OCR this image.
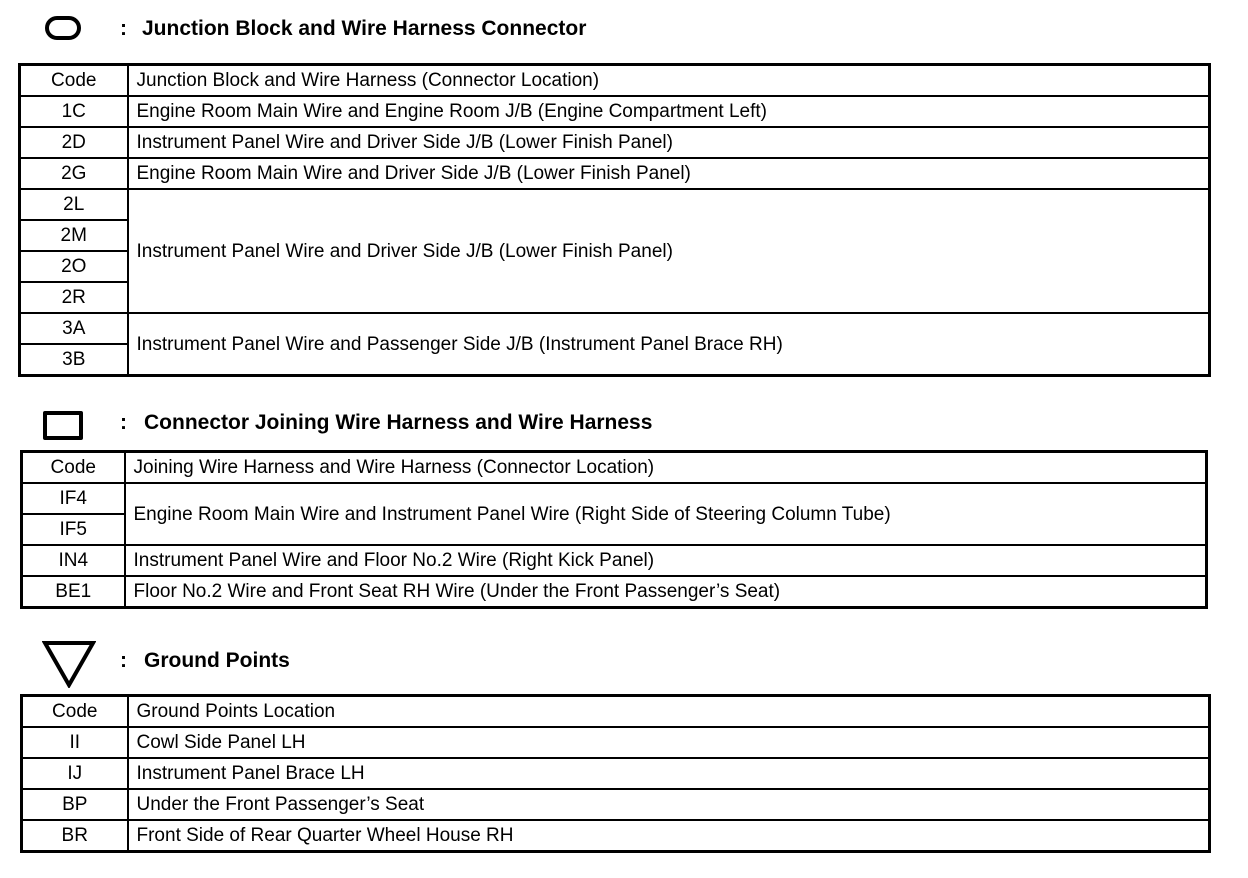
: Junction Block and Wire Harness Connector
Code	Junction Block and Wire Harness (Connector Location)
1C	Engine Room Main Wire and Engine Room J/B (Engine Compartment Left)
2D	Instrument Panel Wire and Driver Side J/B (Lower Finish Panel)
2G	Engine Room Main Wire and Driver Side J/B (Lower Finish Panel)
2L	Instrument Panel Wire and Driver Side J/B (Lower Finish Panel)
2M	
2O	
2R	
3A	Instrument Panel Wire and Passenger Side J/B (Instrument Panel Brace RH)
3B	
: Connector Joining Wire Harness and Wire Harness
Code	Joining Wire Harness and Wire Harness (Connector Location)
IF4	Engine Room Main Wire and Instrument Panel Wire (Right Side of Steering Column Tube)
IF5	
IN4	Instrument Panel Wire and Floor No.2 Wire (Right Kick Panel)
BE1	Floor No.2 Wire and Front Seat RH Wire (Under the Front Passenger’s Seat)
: Ground Points
Code	Ground Points Location
II	Cowl Side Panel LH
IJ	Instrument Panel Brace LH
BP	Under the Front Passenger’s Seat
BR	Front Side of Rear Quarter Wheel House RH
